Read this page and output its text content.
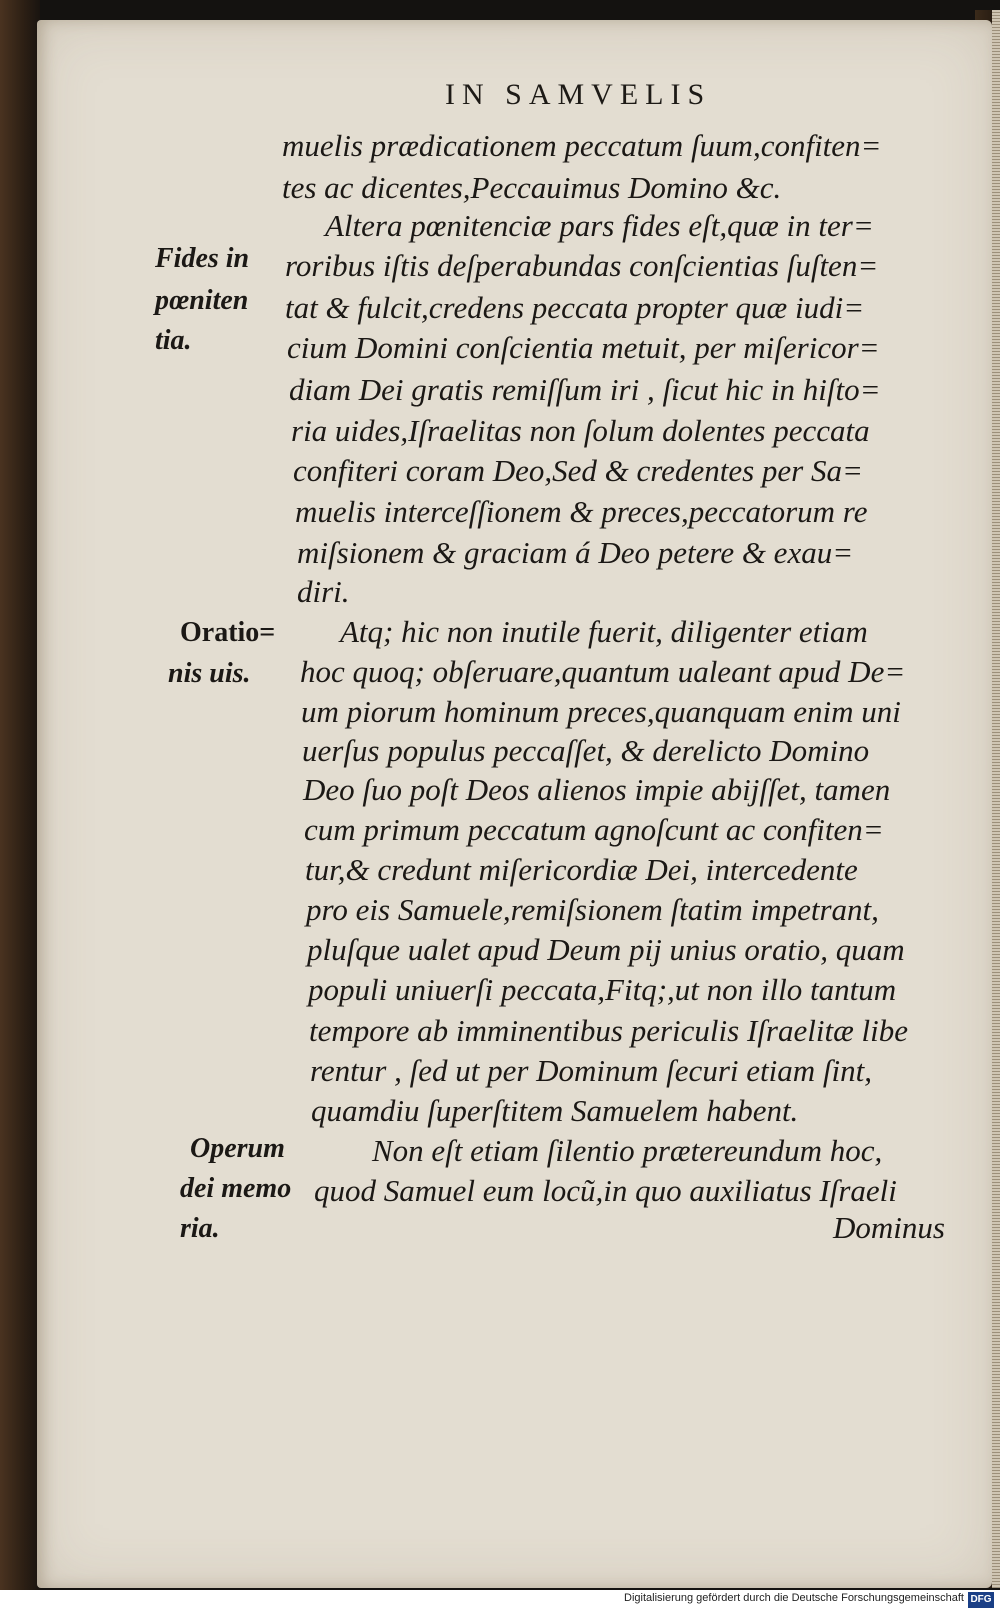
IN SAMVELIS

muelis prædicationem peccatum ſuum,confiten=

tes ac dicentes,Peccauimus Domino &c.

Altera pœnitenciæ pars fides eſt,quæ in ter=

roribus iſtis deſperabundas conſcientias ſuſten=

tat & fulcit,credens peccata propter quæ iudi=

cium Domini conſcientia metuit, per miſericor=

diam Dei gratis remiſſum iri , ſicut hic in hiſto=

ria uides,Iſraelitas non ſolum dolentes peccata

confiteri coram Deo,Sed & credentes per Sa=

muelis interceſſionem & preces,peccatorum re

miſsionem & graciam á Deo petere & exau=

diri.

Atq; hic non inutile fuerit, diligenter etiam

hoc quoq; obſeruare,quantum ualeant apud De=

um piorum hominum preces,quanquam enim uni

uerſus populus peccaſſet, & derelicto Domino

Deo ſuo poſt Deos alienos impie abijſſet, tamen

cum primum peccatum agnoſcunt ac confiten=

tur,& credunt miſericordiæ Dei, intercedente

pro eis Samuele,remiſsionem ſtatim impetrant,

pluſque ualet apud Deum pij unius oratio, quam

populi uniuerſi peccata,Fitq;,ut non illo tantum

tempore ab imminentibus periculis Iſraelitæ libe

rentur , ſed ut per Dominum ſecuri etiam ſint,

quamdiu ſuperſtitem Samuelem habent.

Non eſt etiam ſilentio prætereundum hoc,

quod Samuel eum locũ,in quo auxiliatus Iſraeli

Dominus

Fides in

pœniten

tia.

Oratio=

nis uis.

Operum

dei memo

ria.

Digitalisierung gefördert durch die Deutsche Forschungsgemeinschaft DFG
